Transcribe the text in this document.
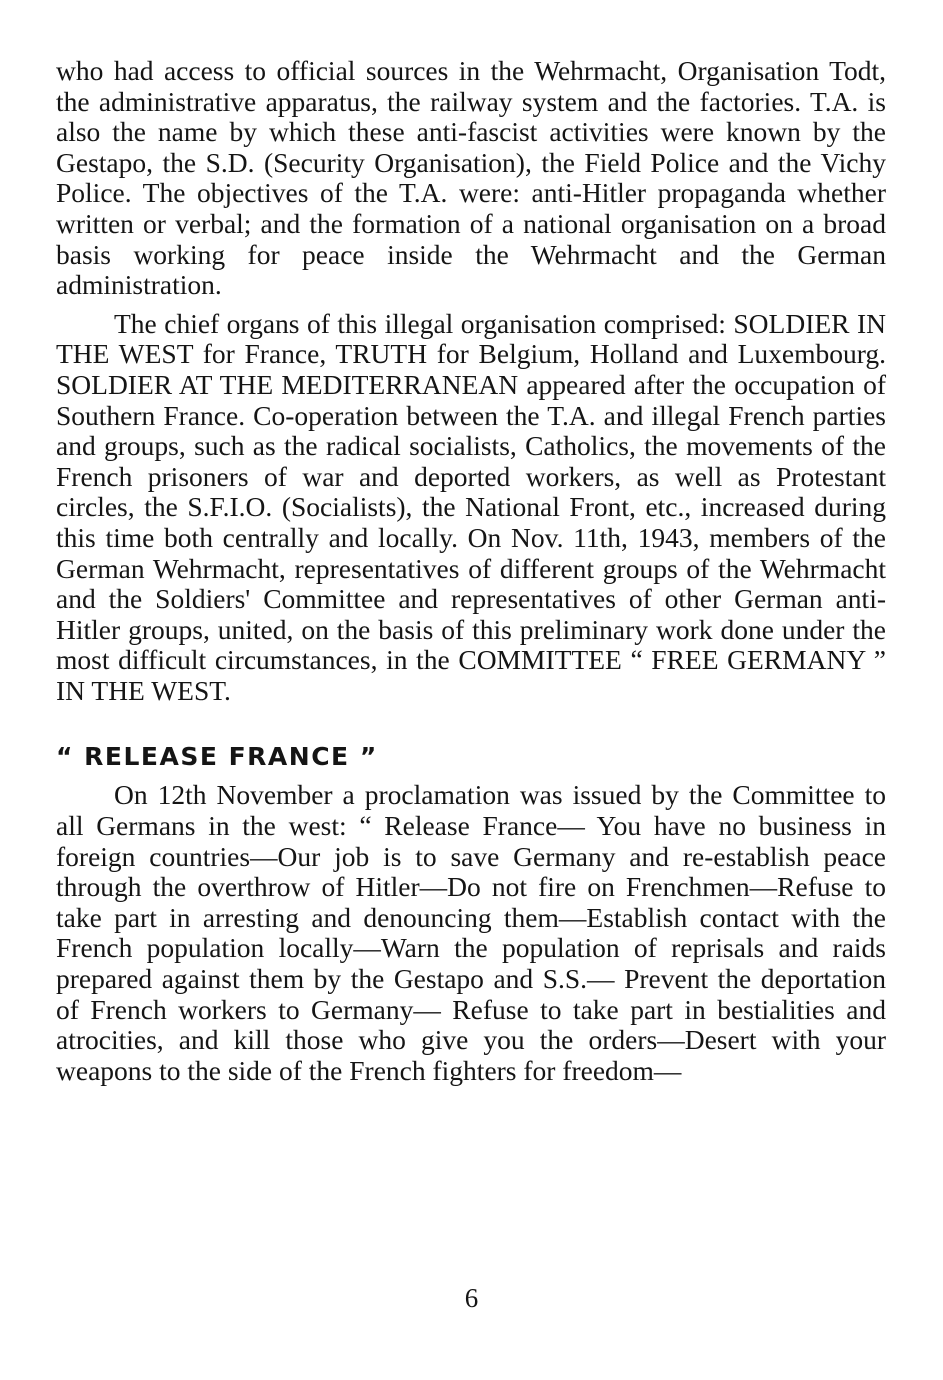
who had access to official sources in the Wehrmacht, Organisation Todt, the administrative apparatus, the railway system and the factories. T.A. is also the name by which these anti-fascist activities were known by the Gestapo, the S.D. (Security Organisation), the Field Police and the Vichy Police. The objectives of the T.A. were: anti-Hitler propaganda whether written or verbal; and the formation of a national organisation on a broad basis working for peace inside the Wehrmacht and the German administration.

The chief organs of this illegal organisation comprised: SOLDIER IN THE WEST for France, TRUTH for Belgium, Holland and Luxembourg. SOLDIER AT THE MEDITERRANEAN appeared after the occupation of Southern France. Co-operation between the T.A. and illegal French parties and groups, such as the radical socialists, Catholics, the movements of the French prisoners of war and deported workers, as well as Protestant circles, the S.F.I.O. (Socialists), the National Front, etc., increased during this time both centrally and locally. On Nov. 11th, 1943, members of the German Wehrmacht, representatives of different groups of the Wehrmacht and the Soldiers' Committee and representatives of other German anti-Hitler groups, united, on the basis of this preliminary work done under the most difficult circumstances, in the COMMITTEE “ FREE GERMANY ” IN THE WEST.

“ RELEASE FRANCE ”

On 12th November a proclamation was issued by the Committee to all Germans in the west: “ Release France— You have no business in foreign countries—Our job is to save Germany and re-establish peace through the overthrow of Hitler—Do not fire on Frenchmen—Refuse to take part in arresting and denouncing them—Establish contact with the French population locally—Warn the population of reprisals and raids prepared against them by the Gestapo and S.S.— Prevent the deportation of French workers to Germany— Refuse to take part in bestialities and atrocities, and kill those who give you the orders—Desert with your weapons to the side of the French fighters for freedom—

6
